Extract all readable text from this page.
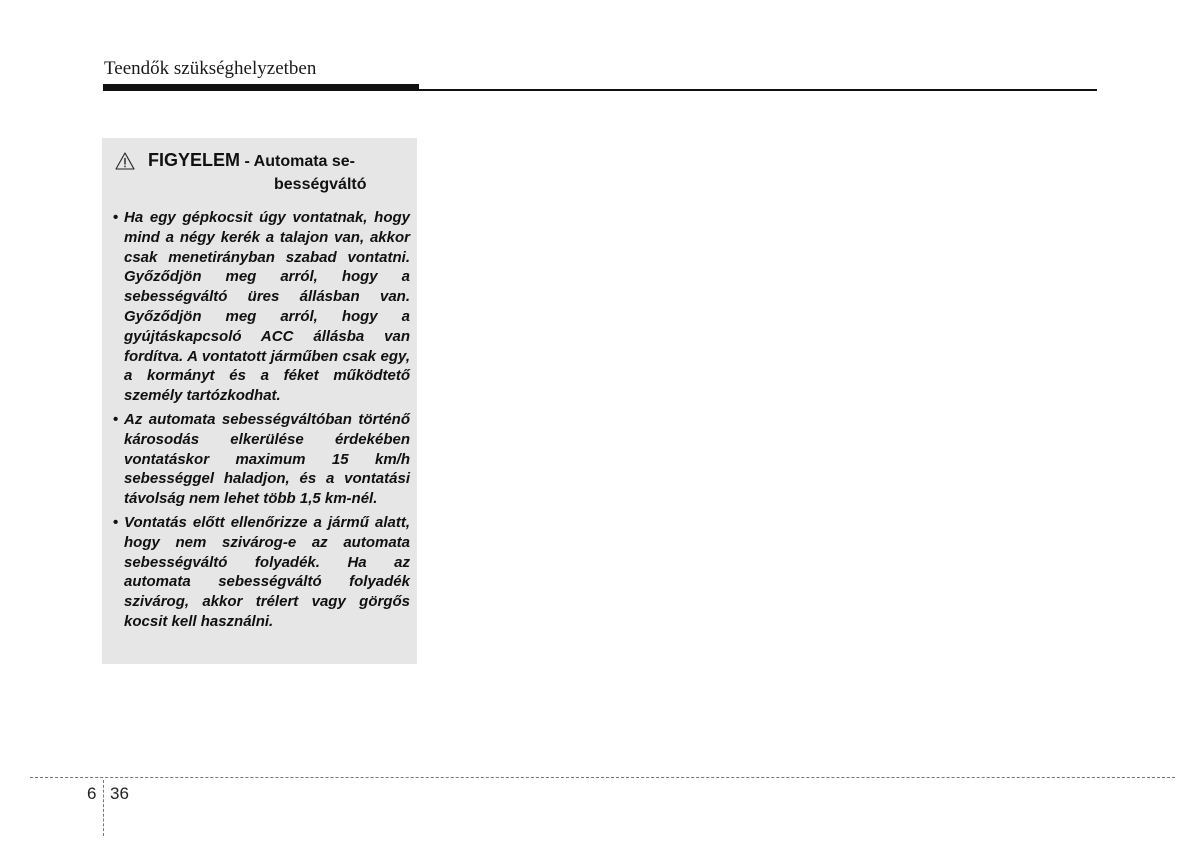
Teendők szükséghelyzetben
FIGYELEM - Automata se-
bességváltó
• Ha egy gépkocsit úgy vontatnak, hogy mind a négy kerék a talajon van, akkor csak menetirányban szabad vontatni. Győződjön meg arról, hogy a sebességváltó üres állásban van. Győződjön meg arról, hogy a gyújtáskapcsoló ACC állásba van fordítva. A vontatott járműben csak egy, a kormányt és a féket működtető személy tartózkodhat.
• Az automata sebességváltóban történő károsodás elkerülése érdekében vontatáskor maximum 15 km/h sebességgel haladjon, és a vontatási távolság nem lehet több 1,5 km-nél.
• Vontatás előtt ellenőrizze a jármű alatt, hogy nem szivárog-e az automata sebességváltó folyadék. Ha az automata sebességváltó folyadék szivárog, akkor trélert vagy görgős kocsit kell használni.
6 36
